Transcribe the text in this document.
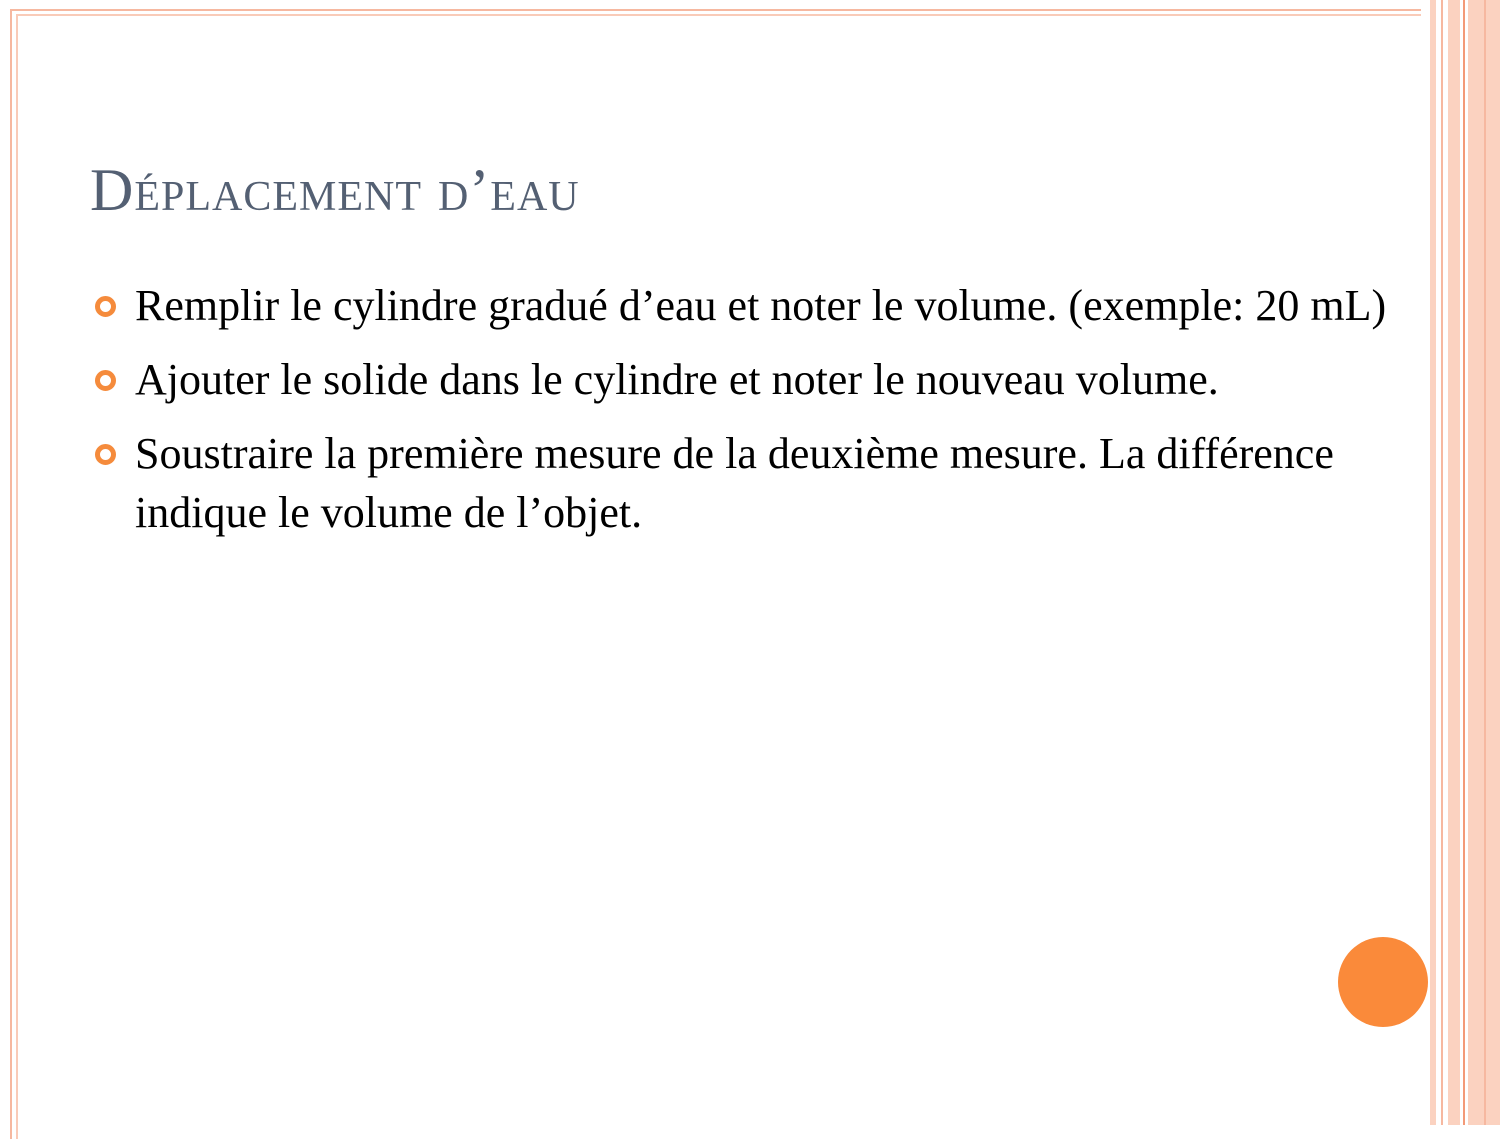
Déplacement d’eau
Remplir le cylindre gradué d’eau et noter le volume. (exemple: 20 mL)
Ajouter le solide dans le cylindre et noter le nouveau volume.
Soustraire la première mesure de la deuxième mesure. La différence indique le volume de l’objet.
